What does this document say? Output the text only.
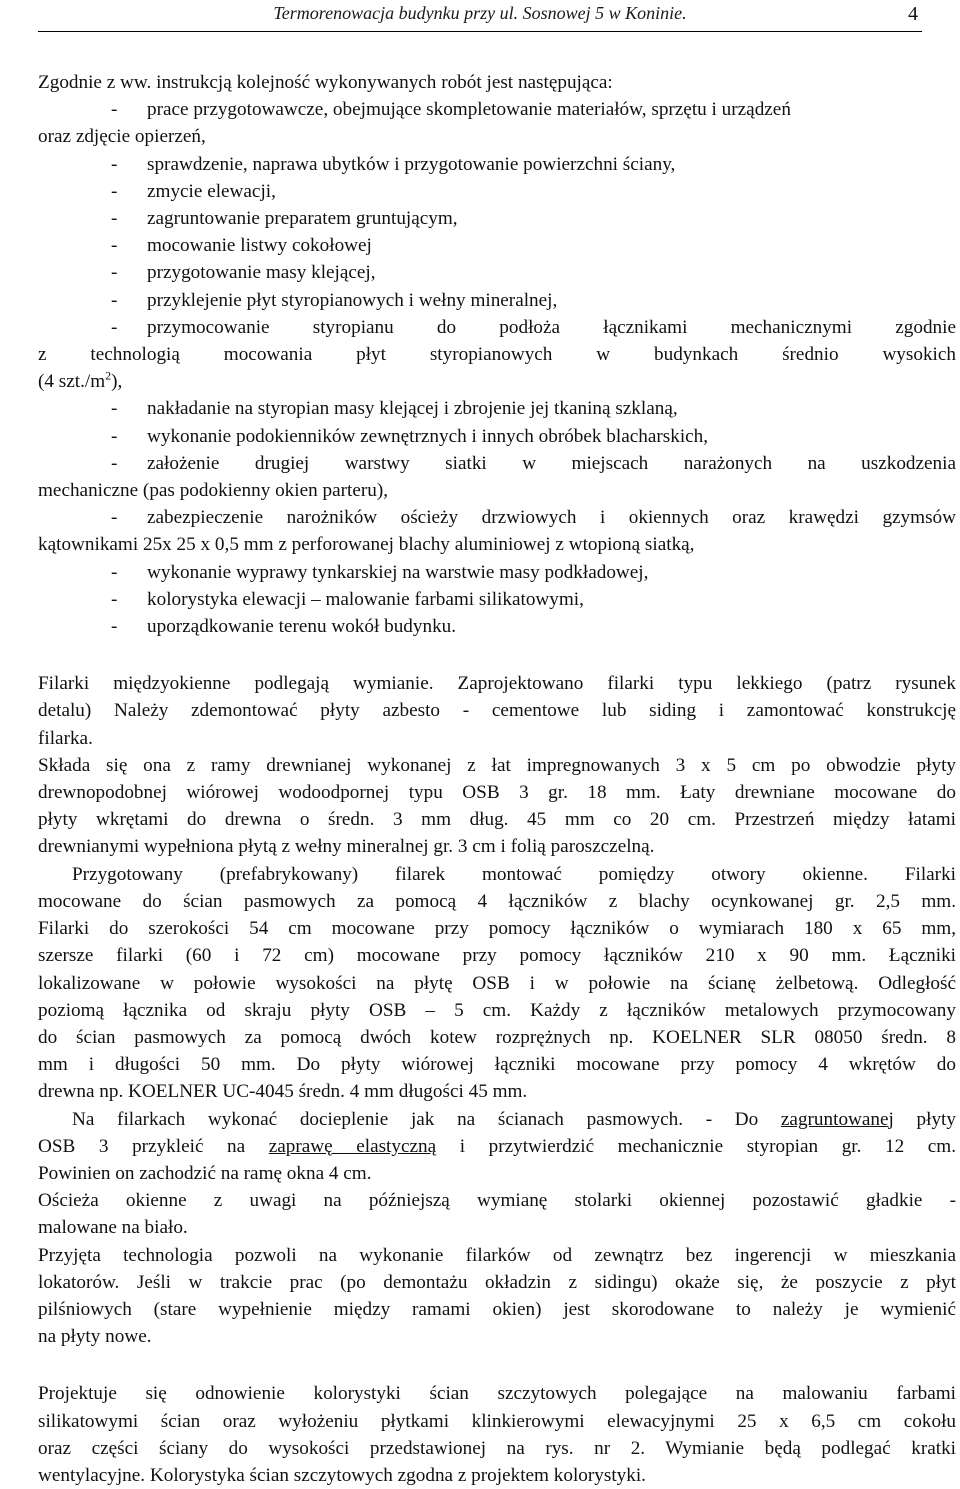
Termorenowacja budynku przy ul. Sosnowej 5 w Koninie.	4

Zgodnie z ww. instrukcją kolejność wykonywanych robót jest następująca:

- prace przygotowawcze, obejmujące skompletowanie materiałów, sprzętu i urządzeń
oraz zdjęcie opierzeń,
- sprawdzenie, naprawa ubytków i przygotowanie powierzchni ściany,
- zmycie elewacji,
- zagruntowanie preparatem gruntującym,
- mocowanie listwy cokołowej
- przygotowanie masy klejącej,
- przyklejenie płyt styropianowych i wełny mineralnej,
- przymocowanie styropianu do podłoża łącznikami mechanicznymi zgodnie
z technologią mocowania płyt styropianowych w budynkach średnio wysokich
(4 $szt./m^2$),
- nakładanie na styropian masy klejącej i zbrojenie jej tkaniną szklaną,
- wykonanie podokienników zewnętrznych i innych obróbek blacharskich,
- założenie drugiej warstwy siatki w miejscach narażonych na uszkodzenia
mechaniczne (pas podokienny okien parteru),
- zabezpieczenie narożników ościeży drzwiowych i okiennych oraz krawędzi gzymsów
kątownikami 25x 25 x 0,5 mm z perforowanej blachy aluminiowej z wtopioną siatką,
- wykonanie wyprawy tynkarskiej na warstwie masy podkładowej,
- kolorystyka elewacji – malowanie farbami silikatowymi,
- uporządkowanie terenu wokół budynku.

Filarki międzyokienne podlegają wymianie. Zaprojektowano filarki typu lekkiego (patrz rysunek

detalu) Należy zdemontować płyty azbesto - cementowe lub siding i zamontować konstrukcję

filarka.

Składa się ona z ramy drewnianej wykonanej z łat impregnowanych 3 x 5 cm po obwodzie płyty

drewnopodobnej wiórowej wodoodpornej typu OSB 3 gr. 18 mm. Łaty drewniane mocowane do

płyty wkrętami do drewna o średn. 3 mm dług. 45 mm co 20 cm. Przestrzeń między łatami

drewnianymi wypełniona płytą z wełny mineralnej gr. 3 cm i folią paroszczelną.

Przygotowany (prefabrykowany) filarek montować pomiędzy otwory okienne. Filarki

mocowane do ścian pasmowych za pomocą 4 łączników z blachy ocynkowanej gr. 2,5 mm.

Filarki do szerokości 54 cm mocowane przy pomocy łączników o wymiarach 180 x 65 mm,

szersze filarki (60 i 72 cm) mocowane przy pomocy łączników 210 x 90 mm. Łączniki

lokalizowane w połowie wysokości na płytę OSB i w połowie na ścianę żelbetową. Odległość

poziomą łącznika od skraju płyty OSB – 5 cm. Każdy z łączników metalowych przymocowany

do ścian pasmowych za pomocą dwóch kotew rozprężnych np. KOELNER SLR 08050 średn. 8

mm i długości 50 mm. Do płyty wiórowej łączniki mocowane przy pomocy 4 wkrętów do

drewna np. KOELNER UC-4045 średn. 4 mm długości 45 mm.

Na filarkach wykonać docieplenie jak na ścianach pasmowych. - Do zagruntowanej płyty

OSB 3 przykleić na zaprawę elastyczną i przytwierdzić mechanicznie styropian gr. 12 cm.

Powinien on zachodzić na ramę okna 4 cm.

Ościeża okienne z uwagi na późniejszą wymianę stolarki okiennej pozostawić gładkie -

malowane na biało.

Przyjęta technologia pozwoli na wykonanie filarków od zewnątrz bez ingerencji w mieszkania

lokatorów. Jeśli w trakcie prac (po demontażu okładzin z sidingu) okaże się, że poszycie z płyt

pilśniowych (stare wypełnienie między ramami okien) jest skorodowane to należy je wymienić

na płyty nowe.

Projektuje się odnowienie kolorystyki ścian szczytowych polegające na malowaniu farbami

silikatowymi ścian oraz wyłożeniu płytkami klinkierowymi elewacyjnymi 25 x 6,5 cm cokołu

oraz części ściany do wysokości przedstawionej na rys. nr 2. Wymianie będą podlegać kratki

wentylacyjne. Kolorystyka ścian szczytowych zgodna z projektem kolorystyki.
